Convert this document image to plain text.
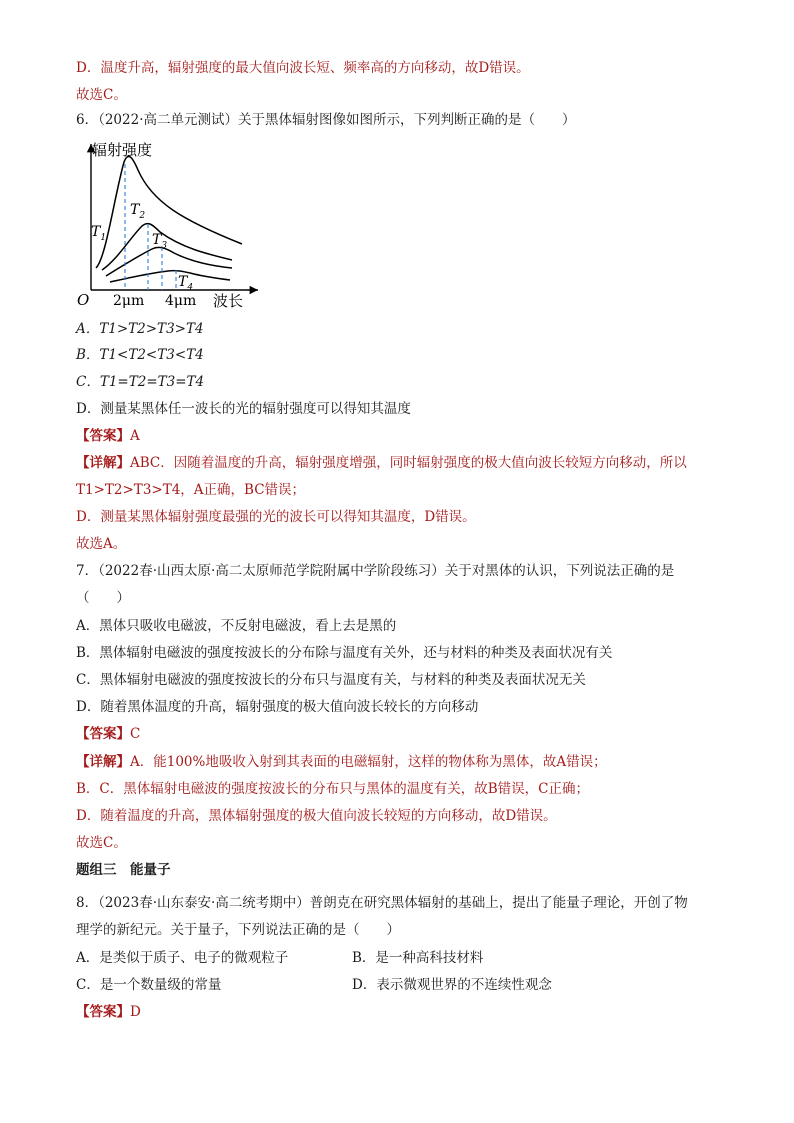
D．温度升高，辐射强度的最大值向波长短、频率高的方向移动，故D错误。
故选C。
6．（2022·高二单元测试）关于黑体辐射图像如图所示，下列判断正确的是（　　）
辐射强度
波长
O 2μm 4μm
$T_1$
$T_2$
$T_3$
$T_4$
A．T1>T2>T3>T4
B．T1<T2<T3<T4
C．T1=T2=T3=T4
D．测量某黑体任一波长的光的辐射强度可以得知其温度
【答案】A
【详解】ABC．因随着温度的升高，辐射强度增强，同时辐射强度的极大值向波长较短方向移动，所以
T1>T2>T3>T4，A正确，BC错误；
D．测量某黑体辐射强度最强的光的波长可以得知其温度，D错误。
故选A。
7．（2022春·山西太原·高二太原师范学院附属中学阶段练习）关于对黑体的认识，下列说法正确的是
（　　）
A．黑体只吸收电磁波，不反射电磁波，看上去是黑的
B．黑体辐射电磁波的强度按波长的分布除与温度有关外，还与材料的种类及表面状况有关
C．黑体辐射电磁波的强度按波长的分布只与温度有关，与材料的种类及表面状况无关
D．随着黑体温度的升高，辐射强度的极大值向波长较长的方向移动
【答案】C
【详解】A．能100%地吸收入射到其表面的电磁辐射，这样的物体称为黑体，故A错误；
B．C．黑体辐射电磁波的强度按波长的分布只与黑体的温度有关，故B错误，C正确；
D．随着温度的升高，黑体辐射强度的极大值向波长较短的方向移动，故D错误。
故选C。
题组三　能量子
8．（2023春·山东泰安·高二统考期中）普朗克在研究黑体辐射的基础上，提出了能量子理论，开创了物
理学的新纪元。关于量子，下列说法正确的是（　　）
A．是类似于质子、电子的微观粒子	B．是一种高科技材料
C．是一个数量级的常量	D．表示微观世界的不连续性观念
【答案】D
